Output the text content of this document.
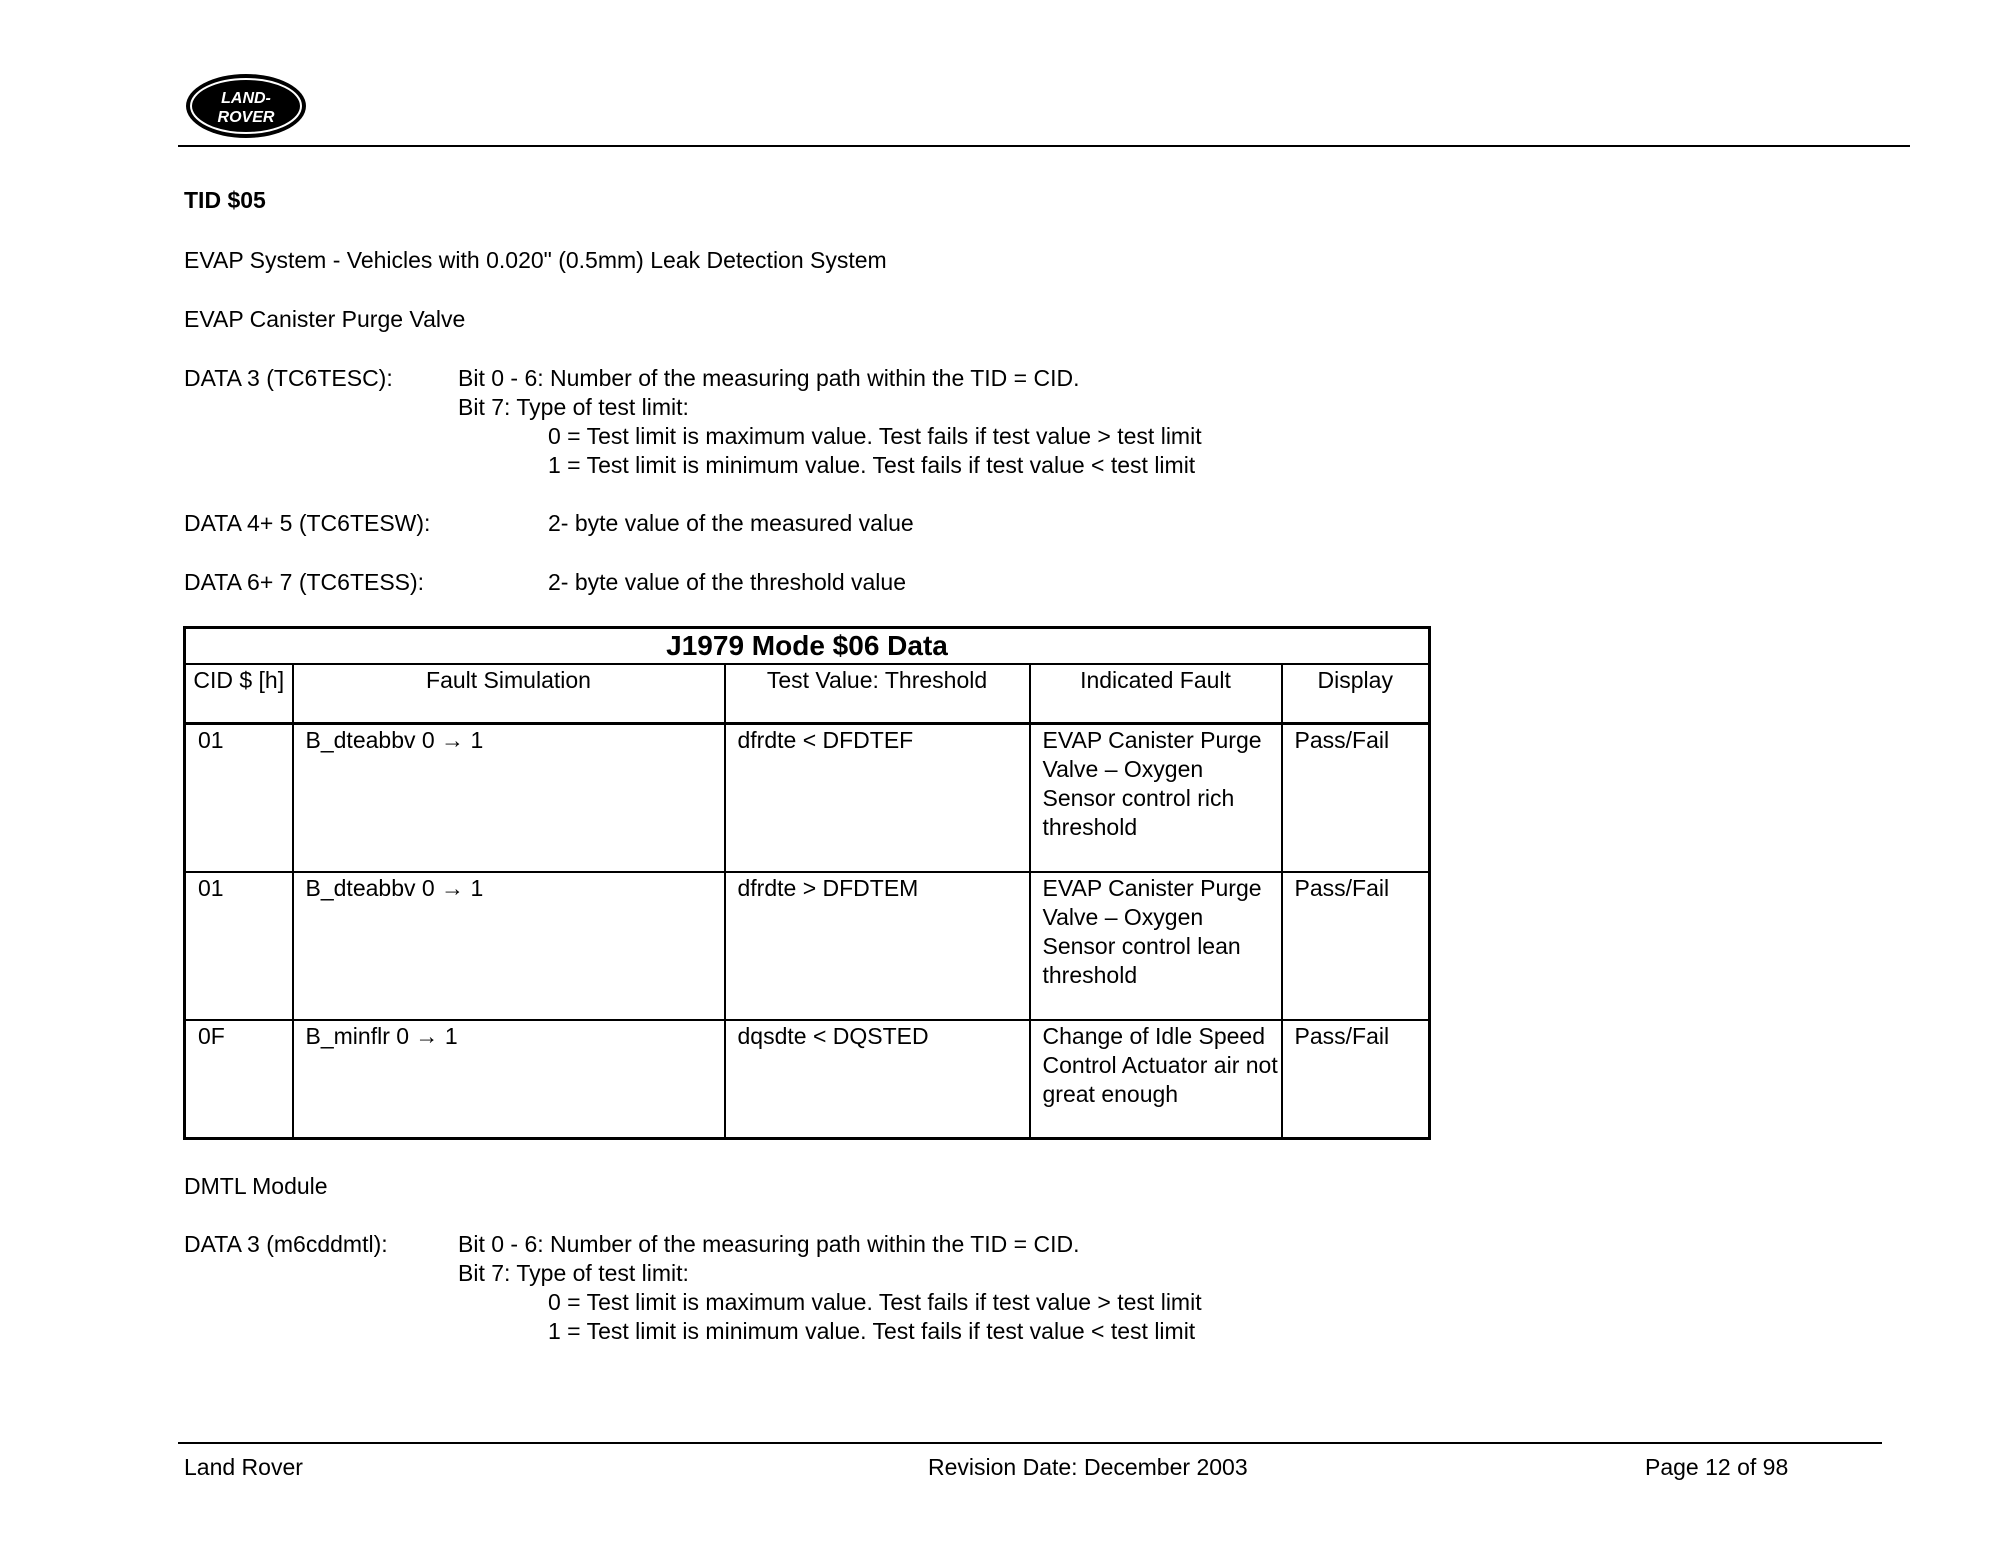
LAND-
ROVER
TID $05
EVAP System - Vehicles with 0.020" (0.5mm) Leak Detection System
EVAP Canister Purge Valve
DATA 3 (TC6TESC):	Bit 0 - 6: Number of the measuring path within the TID = CID.
Bit 7: Type of test limit:
0 = Test limit is maximum value. Test fails if test value > test limit
1 = Test limit is minimum value. Test fails if test value < test limit
DATA 4+ 5 (TC6TESW):	2- byte value of the measured value
DATA 6+ 7 (TC6TESS):	2- byte value of the threshold value
J1979 Mode $06 Data				
CID $ [h]	Fault Simulation	Test Value: Threshold	Indicated Fault	Display
01	B_dteabbv 0 → 1	dfrdte < DFDTEF	EVAP Canister Purge Valve – Oxygen Sensor control rich threshold	Pass/Fail
01	B_dteabbv 0 → 1	dfrdte > DFDTEM	EVAP Canister Purge Valve – Oxygen Sensor control lean threshold	Pass/Fail
0F	B_minflr 0 → 1	dqsdte < DQSTED	Change of Idle Speed Control Actuator air not great enough	Pass/Fail
DMTL Module
DATA 3 (m6cddmtl):	Bit 0 - 6: Number of the measuring path within the TID = CID.
Bit 7: Type of test limit:
0 = Test limit is maximum value. Test fails if test value > test limit
1 = Test limit is minimum value. Test fails if test value < test limit
Land Rover	Revision Date: December 2003	Page 12 of 98
